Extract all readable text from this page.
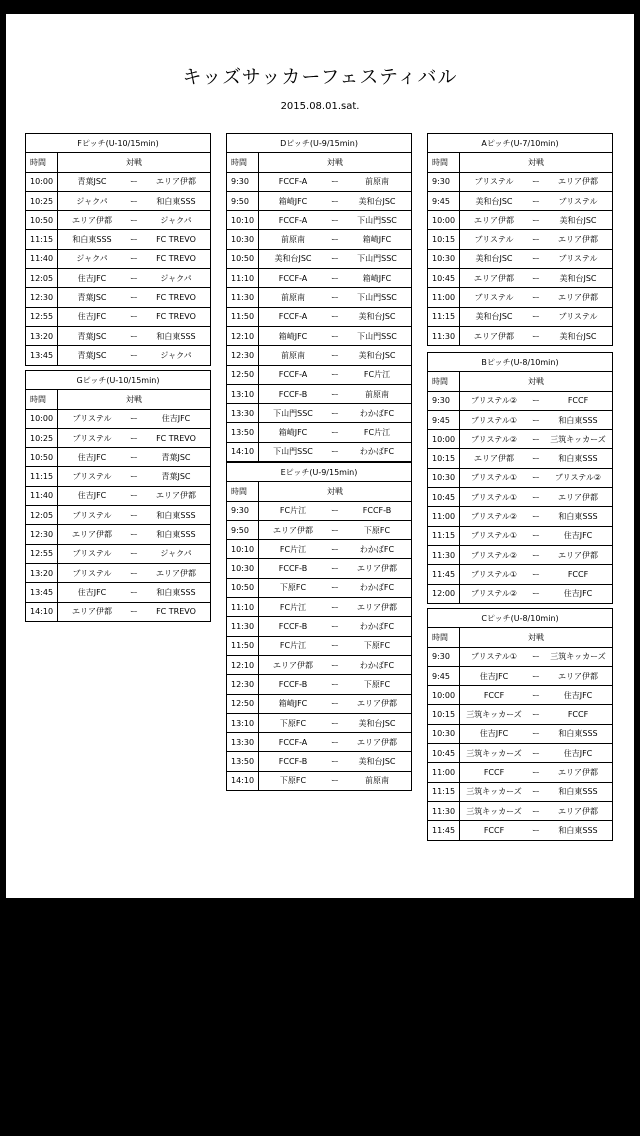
キッズサッカーフェスティバル
2015.08.01.sat.
Fピッチ(U-10/15min)	
時間	対戦
10:00	青葉JSC ー エリア伊都

10:25	ジャクパ ー 和白東SSS

10:50	エリア伊都 ー ジャクパ

11:15	和白東SSS ー FC TREVO

11:40	ジャクパ ー FC TREVO

12:05	住吉JFC ー ジャクパ

12:30	青葉JSC ー FC TREVO

12:55	住吉JFC ー FC TREVO

13:20	青葉JSC ー 和白東SSS

13:45	青葉JSC ー ジャクパ
Gピッチ(U-10/15min)	
時間	対戦
10:00	ブリステル ー 住吉JFC

10:25	ブリステル ー FC TREVO

10:50	住吉JFC ー 青葉JSC

11:15	ブリステル ー 青葉JSC

11:40	住吉JFC ー エリア伊都

12:05	ブリステル ー 和白東SSS

12:30	エリア伊都 ー 和白東SSS

12:55	ブリステル ー ジャクパ

13:20	ブリステル ー エリア伊都

13:45	住吉JFC ー 和白東SSS

14:10	エリア伊都 ー FC TREVO
Dピッチ(U-9/15min)	
時間	対戦
9:30	FCCF-A ー 前原南

9:50	箱崎JFC ー 美和台JSC

10:10	FCCF-A ー 下山門SSC

10:30	前原南 ー 箱崎JFC

10:50	美和台JSC ー 下山門SSC

11:10	FCCF-A ー 箱崎JFC

11:30	前原南 ー 下山門SSC

11:50	FCCF-A ー 美和台JSC

12:10	箱崎JFC ー 下山門SSC

12:30	前原南 ー 美和台JSC

12:50	FCCF-A ー FC片江

13:10	FCCF-B ー 前原南

13:30	下山門SSC ー わかばFC

13:50	箱崎JFC ー FC片江

14:10	下山門SSC ー わかばFC
Eピッチ(U-9/15min)	
時間	対戦
9:30	FC片江 ー FCCF-B

9:50	エリア伊都 ー 下原FC

10:10	FC片江 ー わかばFC

10:30	FCCF-B ー エリア伊都

10:50	下原FC ー わかばFC

11:10	FC片江 ー エリア伊都

11:30	FCCF-B ー わかばFC

11:50	FC片江 ー 下原FC

12:10	エリア伊都 ー わかばFC

12:30	FCCF-B ー 下原FC

12:50	箱崎JFC ー エリア伊都

13:10	下原FC ー 美和台JSC

13:30	FCCF-A ー エリア伊都

13:50	FCCF-B ー 美和台JSC

14:10	下原FC ー 前原南
Aピッチ(U-7/10min)	
時間	対戦
9:30	ブリステル ー エリア伊都

9:45	美和台JSC ー ブリステル

10:00	エリア伊都 ー 美和台JSC

10:15	ブリステル ー エリア伊都

10:30	美和台JSC ー ブリステル

10:45	エリア伊都 ー 美和台JSC

11:00	ブリステル ー エリア伊都

11:15	美和台JSC ー ブリステル

11:30	エリア伊都 ー 美和台JSC
Bピッチ(U-8/10min)	
時間	対戦
9:30	ブリステル② ー FCCF

9:45	ブリステル① ー 和白東SSS

10:00	ブリステル② ー 三筑キッカーズ

10:15	エリア伊都 ー 和白東SSS

10:30	ブリステル① ー ブリステル②

10:45	ブリステル① ー エリア伊都

11:00	ブリステル② ー 和白東SSS

11:15	ブリステル① ー 住吉JFC

11:30	ブリステル② ー エリア伊都

11:45	ブリステル① ー FCCF

12:00	ブリステル② ー 住吉JFC
Cピッチ(U-8/10min)	
時間	対戦
9:30	ブリステル① ー 三筑キッカーズ

9:45	住吉JFC ー エリア伊都

10:00	FCCF ー 住吉JFC

10:15	三筑キッカーズ ー FCCF

10:30	住吉JFC ー 和白東SSS

10:45	三筑キッカーズ ー 住吉JFC

11:00	FCCF ー エリア伊都

11:15	三筑キッカーズ ー 和白東SSS

11:30	三筑キッカーズ ー エリア伊都

11:45	FCCF ー 和白東SSS
